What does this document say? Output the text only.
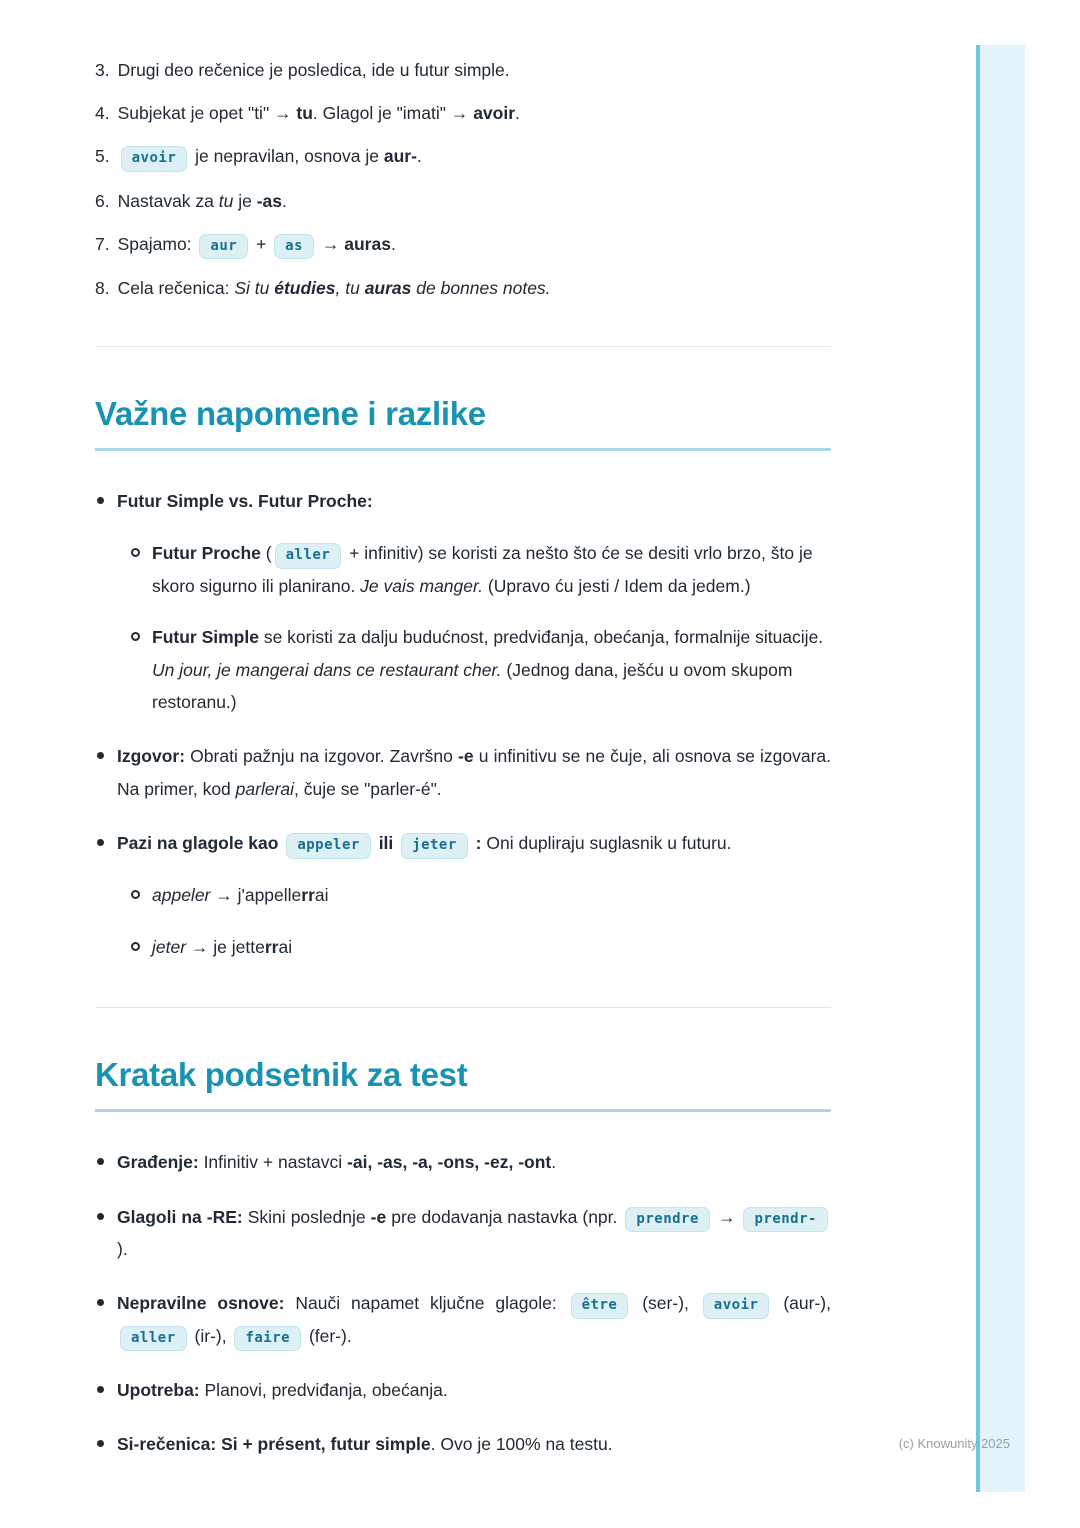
3. Drugi deo rečenice je posledica, ide u futur simple.
4. Subjekat je opet "ti" → tu. Glagol je "imati" → avoir.
5.	avoir je nepravilan, osnova je aur-.
6. Nastavak za tu je -as.
7. Spajamo: aur + as → auras.
8. Cela rečenica: Si tu étudies, tu auras de bonnes notes.
Važne napomene i razlike
Futur Simple vs. Futur Proche:
Futur Proche ( aller + infinitiv) se koristi za nešto što će se desiti vrlo brzo, što je skoro sigurno ili planirano. Je vais manger. (Upravo ću jesti / Idem da jedem.)
Futur Simple se koristi za dalju budućnost, predviđanja, obećanja, formalnije situacije. Un jour, je mangerai dans ce restaurant cher. (Jednog dana, ješću u ovom skupom restoranu.)
Izgovor: Obrati pažnju na izgovor. Završno -e u infinitivu se ne čuje, ali osnova se izgovara. Na primer, kod parlerai, čuje se "parler-é".
Pazi na glagole kao appeler ili jeter : Oni dupliraju suglasnik u futuru.
appeler → j'appellerrai
jeter → je jetterrai
Kratak podsetnik za test
Građenje: Infinitiv + nastavci -ai, -as, -a, -ons, -ez, -ont.
Glagoli na -RE: Skini poslednje -e pre dodavanja nastavka (npr. prendre → prendr- ).
Nepravilne osnove: Nauči napamet ključne glagole: être (ser-), avoir (aur-), aller (ir-), faire (fer-).
Upotreba: Planovi, predviđanja, obećanja.
Si-rečenica: Si + présent, futur simple. Ovo je 100% na testu.	(c) Knowunity 2025
